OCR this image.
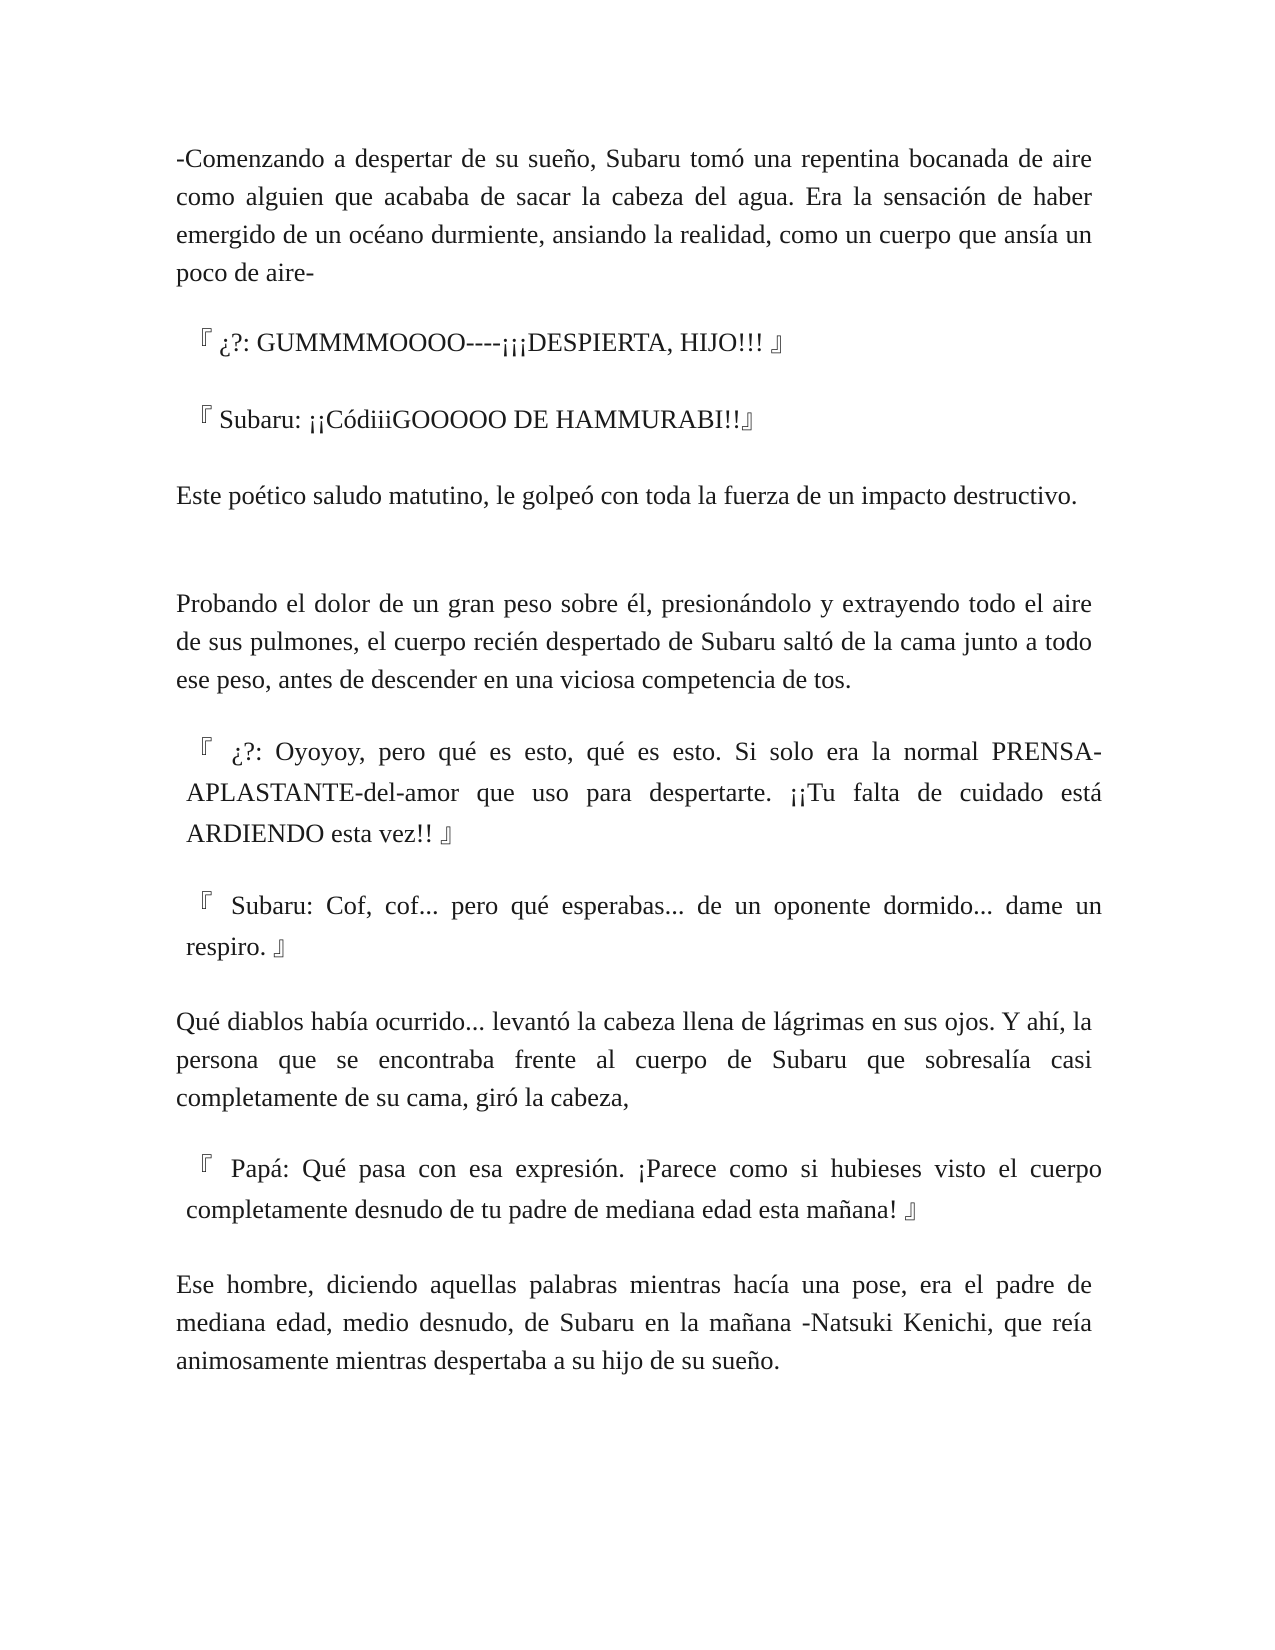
-Comenzando a despertar de su sueño, Subaru tomó una repentina bocanada de aire como alguien que acababa de sacar la cabeza del agua. Era la sensación de haber emergido de un océano durmiente, ansiando la realidad, como un cuerpo que ansía un poco de aire-

『 ¿?: GUMMMMOOOO----¡¡¡DESPIERTA, HIJO!!! 』

『 Subaru: ¡¡CódiiiGOOOOO DE HAMMURABI!!』

Este poético saludo matutino, le golpeó con toda la fuerza de un impacto destructivo.

Probando el dolor de un gran peso sobre él, presionándolo y extrayendo todo el aire de sus pulmones, el cuerpo recién despertado de Subaru saltó de la cama junto a todo ese peso, antes de descender en una viciosa competencia de tos.

『 ¿?: Oyoyoy, pero qué es esto, qué es esto. Si solo era la normal PRENSA-APLASTANTE-del-amor que uso para despertarte. ¡¡Tu falta de cuidado está ARDIENDO esta vez!! 』

『 Subaru: Cof, cof... pero qué esperabas... de un oponente dormido... dame un respiro. 』

Qué diablos había ocurrido... levantó la cabeza llena de lágrimas en sus ojos. Y ahí, la persona que se encontraba frente al cuerpo de Subaru que sobresalía casi completamente de su cama, giró la cabeza,

『 Papá: Qué pasa con esa expresión. ¡Parece como si hubieses visto el cuerpo completamente desnudo de tu padre de mediana edad esta mañana! 』

Ese hombre, diciendo aquellas palabras mientras hacía una pose, era el padre de mediana edad, medio desnudo, de Subaru en la mañana -Natsuki Kenichi, que reía animosamente mientras despertaba a su hijo de su sueño.
